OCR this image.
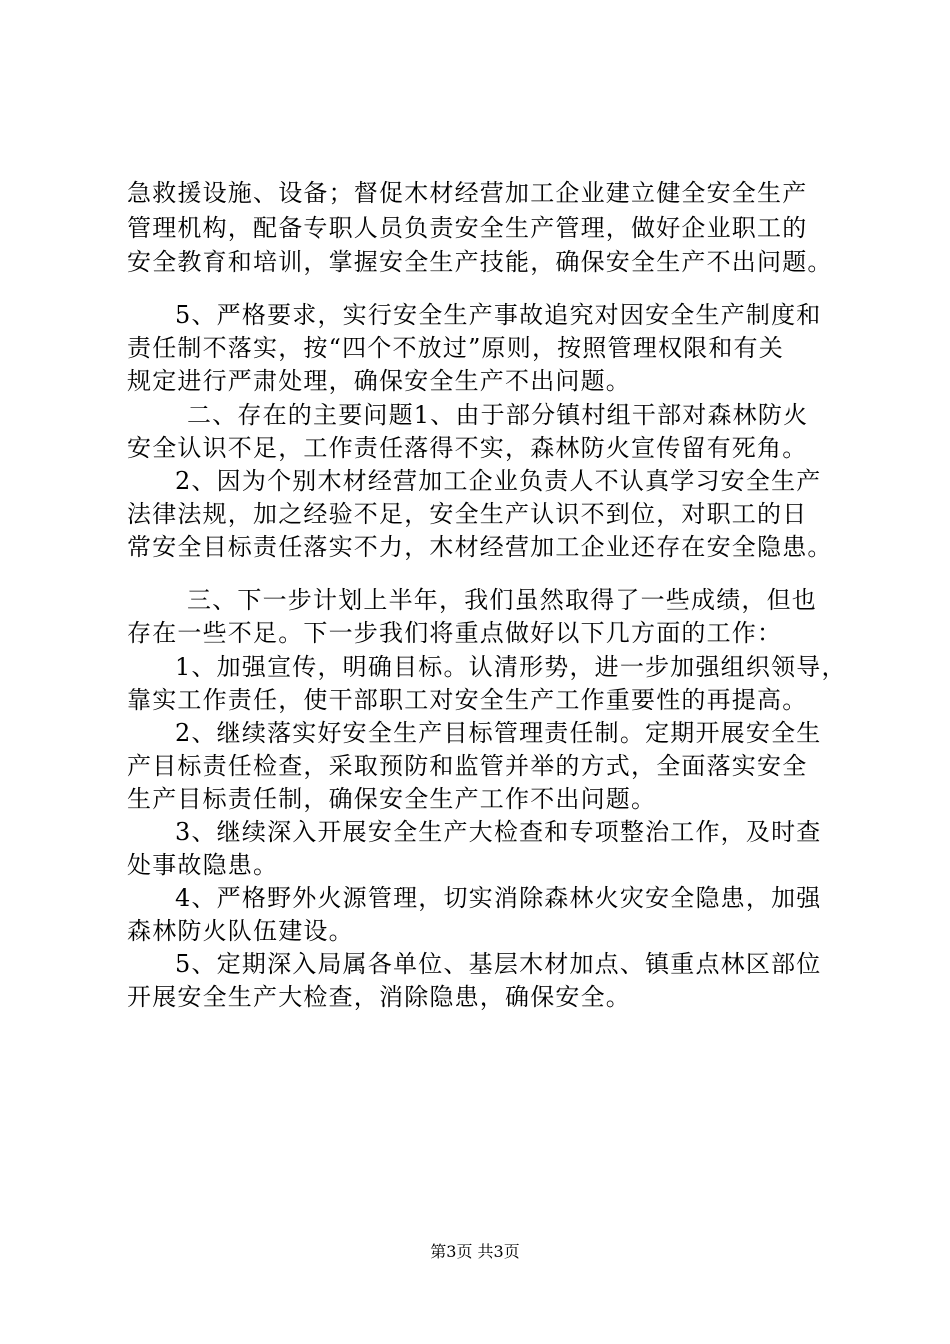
急救援设施、设备；督促木材经营加工企业建立健全安全生产
管理机构，配备专职人员负责安全生产管理，做好企业职工的
安全教育和培训，掌握安全生产技能，确保安全生产不出问题。
5、严格要求，实行安全生产事故追究对因安全生产制度和
责任制不落实，按“四个不放过”原则，按照管理权限和有关
规定进行严肃处理，确保安全生产不出问题。
二、存在的主要问题1、由于部分镇村组干部对森林防火
安全认识不足，工作责任落得不实，森林防火宣传留有死角。
2、因为个别木材经营加工企业负责人不认真学习安全生产
法律法规，加之经验不足，安全生产认识不到位，对职工的日
常安全目标责任落实不力，木材经营加工企业还存在安全隐患。
三、下一步计划上半年，我们虽然取得了一些成绩，但也
存在一些不足。下一步我们将重点做好以下几方面的工作：
1、加强宣传，明确目标。认清形势，进一步加强组织领导，
靠实工作责任，使干部职工对安全生产工作重要性的再提高。
2、继续落实好安全生产目标管理责任制。定期开展安全生
产目标责任检查，采取预防和监管并举的方式，全面落实安全
生产目标责任制，确保安全生产工作不出问题。
3、继续深入开展安全生产大检查和专项整治工作，及时查
处事故隐患。
4、严格野外火源管理，切实消除森林火灾安全隐患，加强
森林防火队伍建设。
5、定期深入局属各单位、基层木材加点、镇重点林区部位
开展安全生产大检查，消除隐患，确保安全。
第3页 共3页
